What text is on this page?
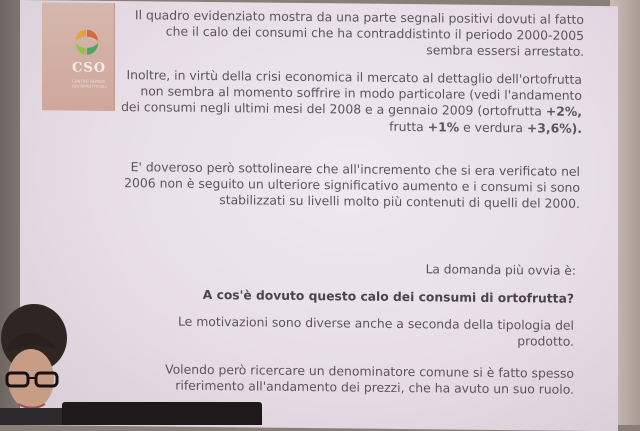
CSO
CENTRO SERVIZI ORTOFRUTTICOLI
Il quadro evidenziato mostra da una parte segnali positivi dovuti al fatto
che il calo dei consumi che ha contraddistinto il periodo 2000-2005
sembra essersi arrestato.
Inoltre, in virtù della crisi economica il mercato al dettaglio dell'ortofrutta
non sembra al momento soffrire in modo particolare (vedi l'andamento
dei consumi negli ultimi mesi del 2008 e a gennaio 2009 (ortofrutta +2%,
frutta +1% e verdura +3,6%).
E' doveroso però sottolineare che all'incremento che si era verificato nel
2006 non è seguito un ulteriore significativo aumento e i consumi si sono
stabilizzati su livelli molto più contenuti di quelli del 2000.
La domanda più ovvia è:
A cos'è dovuto questo calo dei consumi di ortofrutta?
Le motivazioni sono diverse anche a seconda della tipologia del
prodotto.
Volendo però ricercare un denominatore comune si è fatto spesso
riferimento all'andamento dei prezzi, che ha avuto un suo ruolo.
